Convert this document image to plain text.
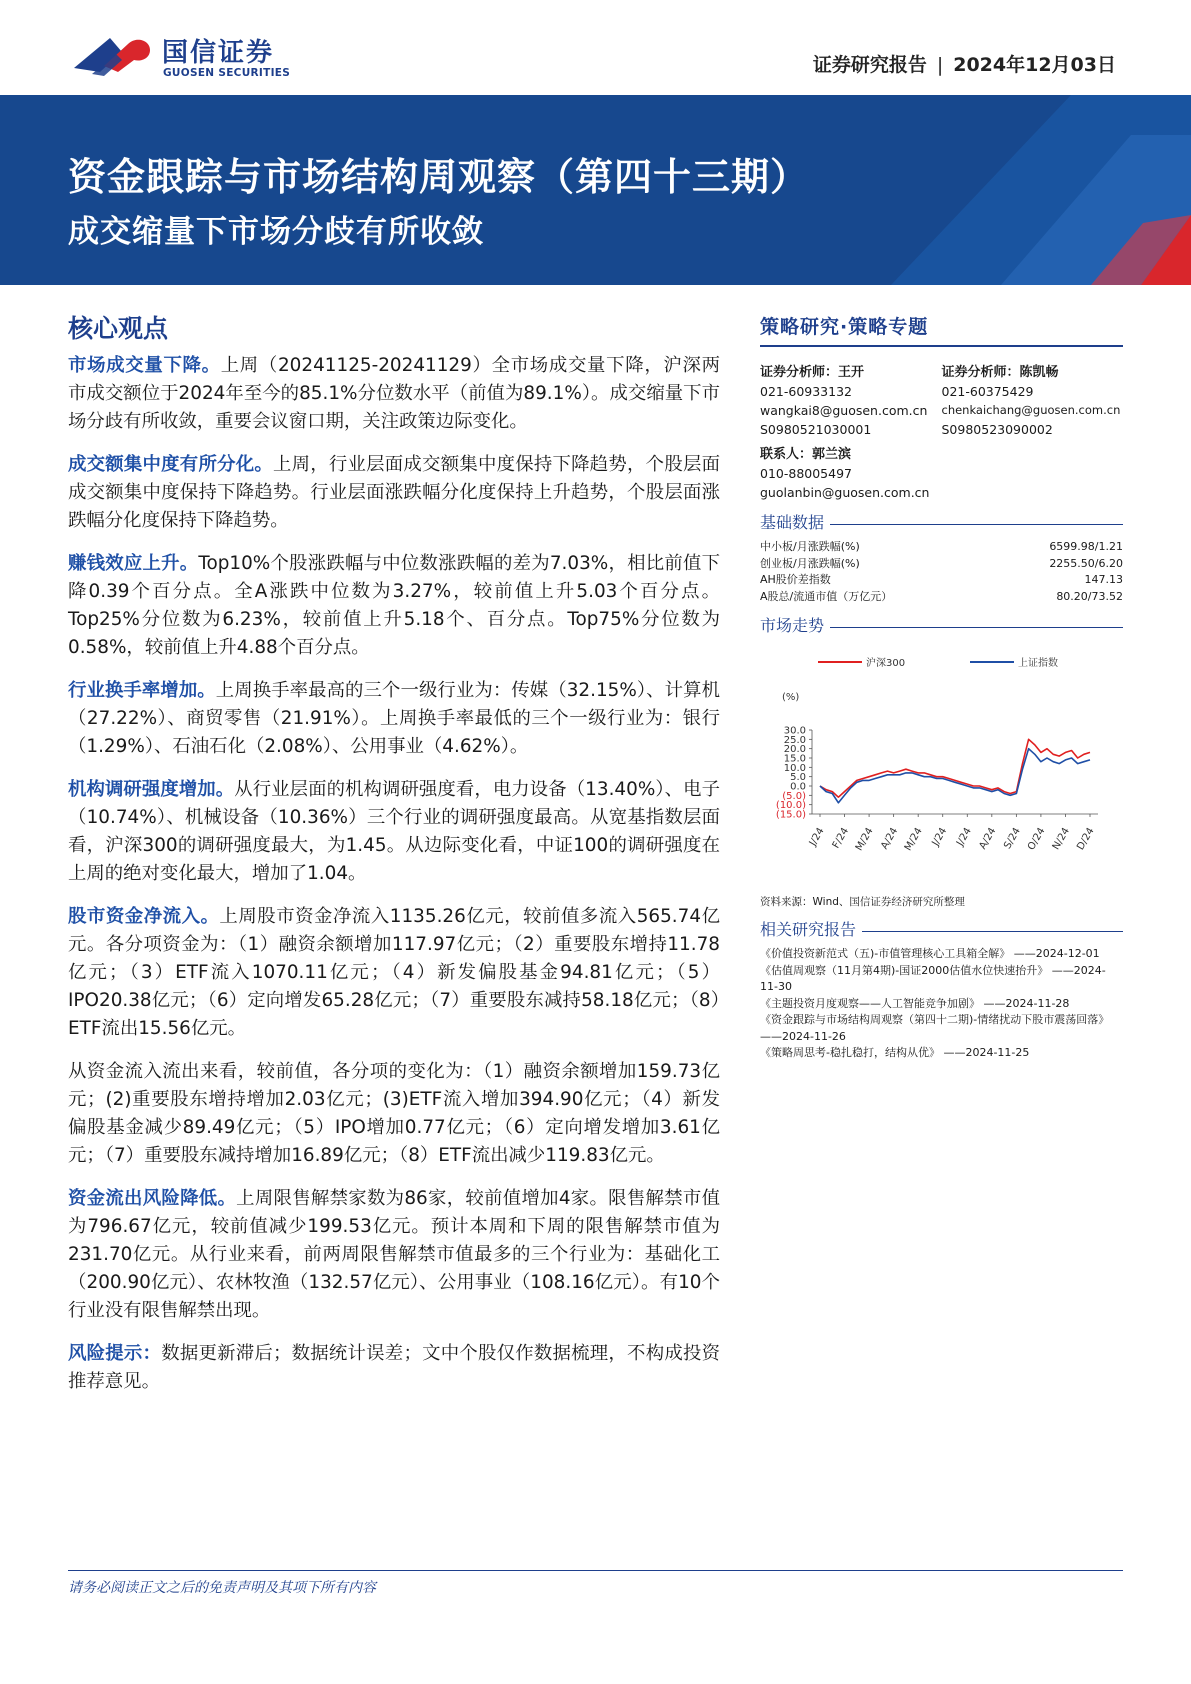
国信证券
GUOSEN SECURITIES	证券研究报告 | 2024年12月03日
资金跟踪与市场结构周观察（第四十三期）
成交缩量下市场分歧有所收敛
核心观点

市场成交量下降。上周（20241125-20241129）全市场成交量下降，沪深两市成交额位于2024年至今的85.1%分位数水平（前值为89.1%）。成交缩量下市场分歧有所收敛，重要会议窗口期，关注政策边际变化。

成交额集中度有所分化。上周，行业层面成交额集中度保持下降趋势，个股层面成交额集中度保持下降趋势。行业层面涨跌幅分化度保持上升趋势，个股层面涨跌幅分化度保持下降趋势。

赚钱效应上升。Top10%个股涨跌幅与中位数涨跌幅的差为7.03%，相比前值下降0.39个百分点。全A涨跌中位数为3.27%，较前值上升5.03个百分点。Top25%分位数为6.23%，较前值上升5.18个、百分点。Top75%分位数为0.58%，较前值上升4.88个百分点。

行业换手率增加。上周换手率最高的三个一级行业为：传媒（32.15%）、计算机（27.22%）、商贸零售（21.91%）。上周换手率最低的三个一级行业为：银行（1.29%）、石油石化（2.08%）、公用事业（4.62%）。

机构调研强度增加。从行业层面的机构调研强度看，电力设备（13.40%）、电子（10.74%）、机械设备（10.36%）三个行业的调研强度最高。从宽基指数层面看，沪深300的调研强度最大，为1.45。从边际变化看，中证100的调研强度在上周的绝对变化最大，增加了1.04。

股市资金净流入。上周股市资金净流入1135.26亿元，较前值多流入565.74亿元。各分项资金为：（1）融资余额增加117.97亿元；（2）重要股东增持11.78亿元；（3）ETF流入1070.11亿元；（4）新发偏股基金94.81亿元；（5）IPO20.38亿元；（6）定向增发65.28亿元；（7）重要股东减持58.18亿元；（8）ETF流出15.56亿元。

从资金流入流出来看，较前值，各分项的变化为：（1）融资余额增加159.73亿元；(2)重要股东增持增加2.03亿元；(3)ETF流入增加394.90亿元；（4）新发偏股基金减少89.49亿元；（5）IPO增加0.77亿元；（6）定向增发增加3.61亿元；（7）重要股东减持增加16.89亿元；（8）ETF流出减少119.83亿元。

资金流出风险降低。上周限售解禁家数为86家，较前值增加4家。限售解禁市值为796.67亿元，较前值减少199.53亿元。预计本周和下周的限售解禁市值为231.70亿元。从行业来看，前两周限售解禁市值最多的三个行业为：基础化工（200.90亿元）、农林牧渔（132.57亿元）、公用事业（108.16亿元）。有10个行业没有限售解禁出现。

风险提示：数据更新滞后；数据统计误差；文中个股仅作数据梳理，不构成投资推荐意见。

策略研究·策略专题
证券分析师：王开
021-60933132
wangkai8@guosen.com.cn
S0980521030001
证券分析师：陈凯畅
021-60375429
chenkaichang@guosen.com.cn
S0980523090002
联系人：郭兰滨
010-88005497
guolanbin@guosen.com.cn
基础数据
中小板/月涨跌幅(%)	6599.98/1.21
创业板/月涨跌幅(%)	2255.50/6.20
AH股价差指数	147.13
A股总/流通市值（万亿元）	80.20/73.52
市场走势
沪深300	上证指数
(%)
30.0
25.0
20.0
15.0
10.0
5.0
0.0
(5.0)
(10.0)
(15.0)
J/24 F/24 M/24 A/24 M/24 J/24 J/24 A/24 S/24 O/24 N/24 D/24
资料来源：Wind、国信证券经济研究所整理
相关研究报告

《价值投资新范式（五)-市值管理核心工具箱全解》 ——2024-12-01

《估值周观察（11月第4期)-国证2000估值水位快速抬升》 ——2024-11-30

《主题投资月度观察——人工智能竞争加剧》 ——2024-11-28

《资金跟踪与市场结构周观察（第四十二期)-情绪扰动下股市震荡回落》 ——2024-11-26

《策略周思考-稳扎稳打，结构从优》 ——2024-11-25

请务必阅读正文之后的免责声明及其项下所有内容
